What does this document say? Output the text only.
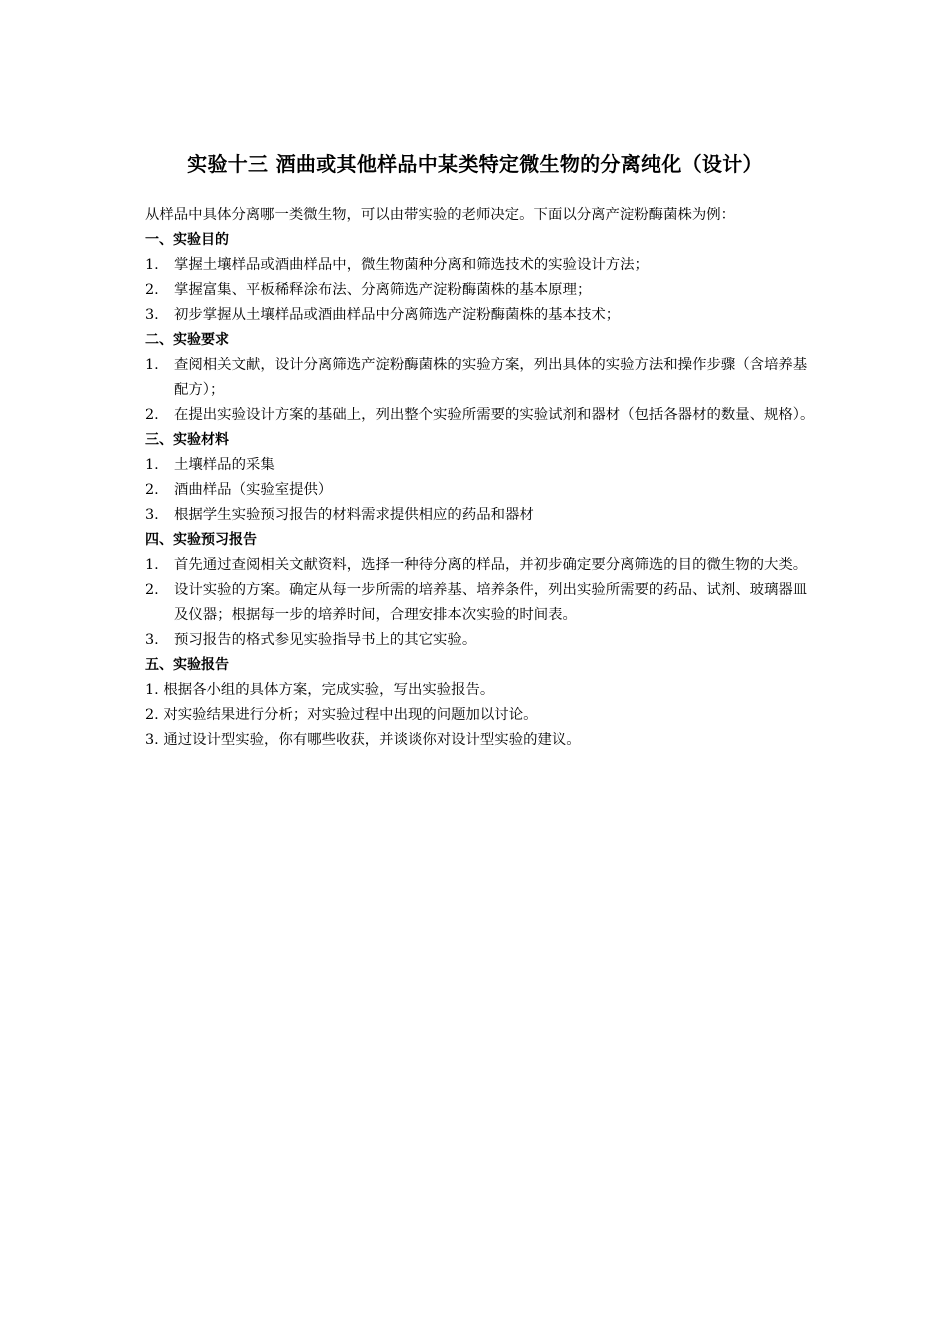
实验十三 酒曲或其他样品中某类特定微生物的分离纯化（设计）

从样品中具体分离哪一类微生物，可以由带实验的老师决定。下面以分离产淀粉酶菌株为例：

一、实验目的

1. 掌握土壤样品或酒曲样品中，微生物菌种分离和筛选技术的实验设计方法；
2. 掌握富集、平板稀释涂布法、分离筛选产淀粉酶菌株的基本原理；
3. 初步掌握从土壤样品或酒曲样品中分离筛选产淀粉酶菌株的基本技术；

二、实验要求

1. 查阅相关文献，设计分离筛选产淀粉酶菌株的实验方案，列出具体的实验方法和操作步骤（含培养基配方）；
2. 在提出实验设计方案的基础上，列出整个实验所需要的实验试剂和器材（包括各器材的数量、规格）。

三、实验材料

1. 土壤样品的采集
2. 酒曲样品（实验室提供）
3. 根据学生实验预习报告的材料需求提供相应的药品和器材

四、实验预习报告

1. 首先通过查阅相关文献资料，选择一种待分离的样品，并初步确定要分离筛选的目的微生物的大类。
2. 设计实验的方案。确定从每一步所需的培养基、培养条件，列出实验所需要的药品、试剂、玻璃器皿及仪器；根据每一步的培养时间，合理安排本次实验的时间表。
3. 预习报告的格式参见实验指导书上的其它实验。

五、实验报告

1. 根据各小组的具体方案，完成实验，写出实验报告。

2. 对实验结果进行分析；对实验过程中出现的问题加以讨论。

3. 通过设计型实验，你有哪些收获，并谈谈你对设计型实验的建议。
